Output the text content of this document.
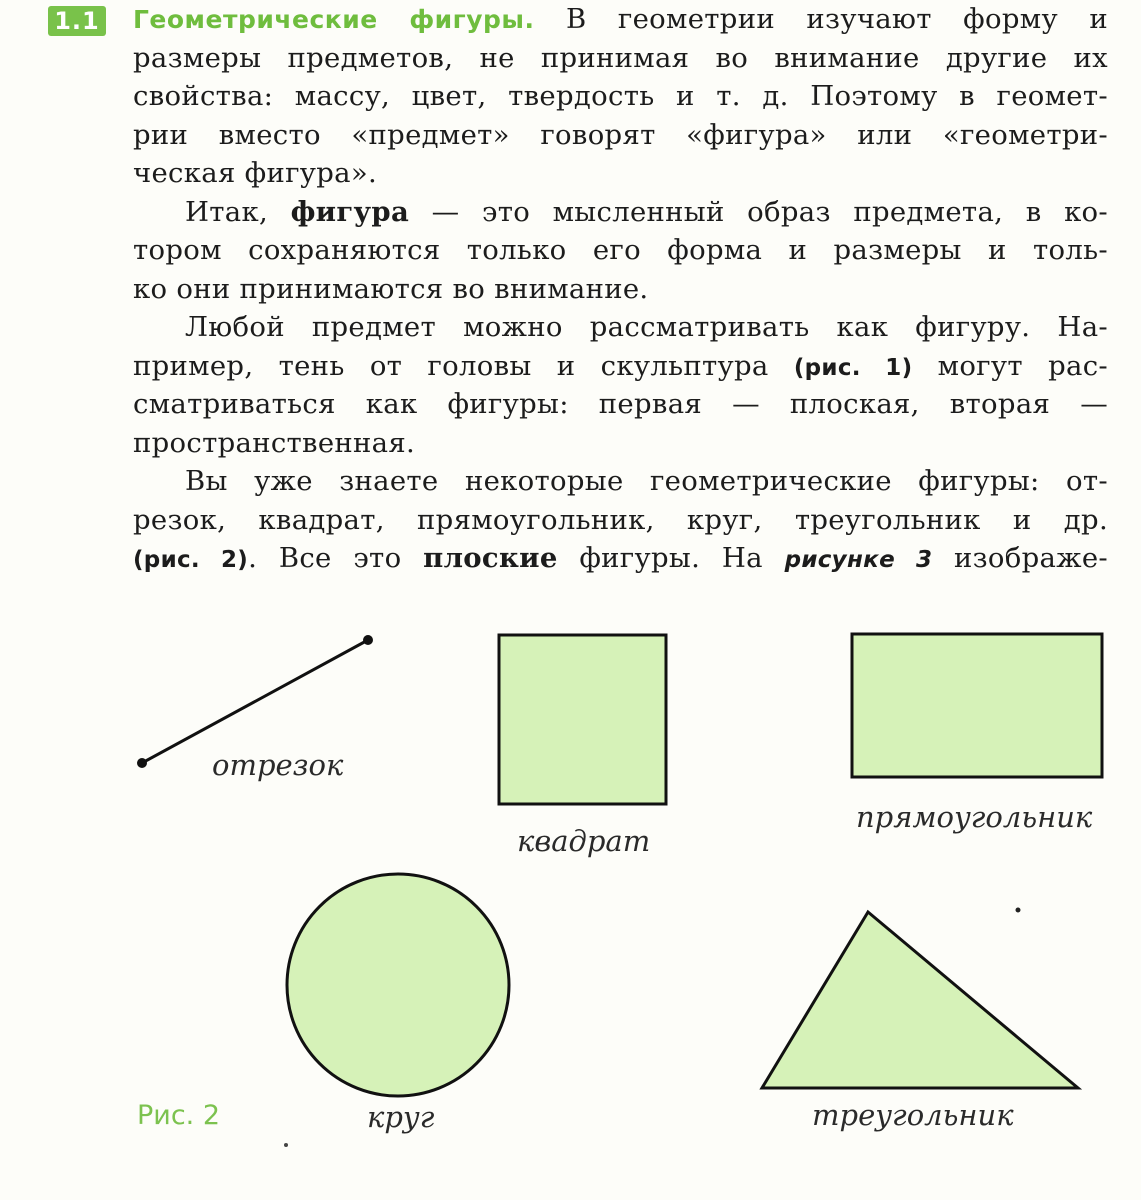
1.1 Геометрические фигуры. В геометрии изучают форму и
размеры предметов, не принимая во внимание другие их
свойства: массу, цвет, твердость и т. д. Поэтому в геомет-
рии вместо «предмет» говорят «фигура» или «геометри-
ческая фигура».
Итак, фигура — это мысленный образ предмета, в ко-
тором сохраняются только его форма и размеры и толь-
ко они принимаются во внимание.
Любой предмет можно рассматривать как фигуру. На-
пример, тень от головы и скульптура (рис. 1) могут рас-
сматриваться как фигуры: первая — плоская, вторая —
пространственная.
Вы уже знаете некоторые геометрические фигуры: от-
резок, квадрат, прямоугольник, круг, треугольник и др.
(рис. 2). Все это плоские фигуры. На рисунке 3 изображе-
отрезок
квадрат
прямоугольник
круг	треугольник
Рис. 2
